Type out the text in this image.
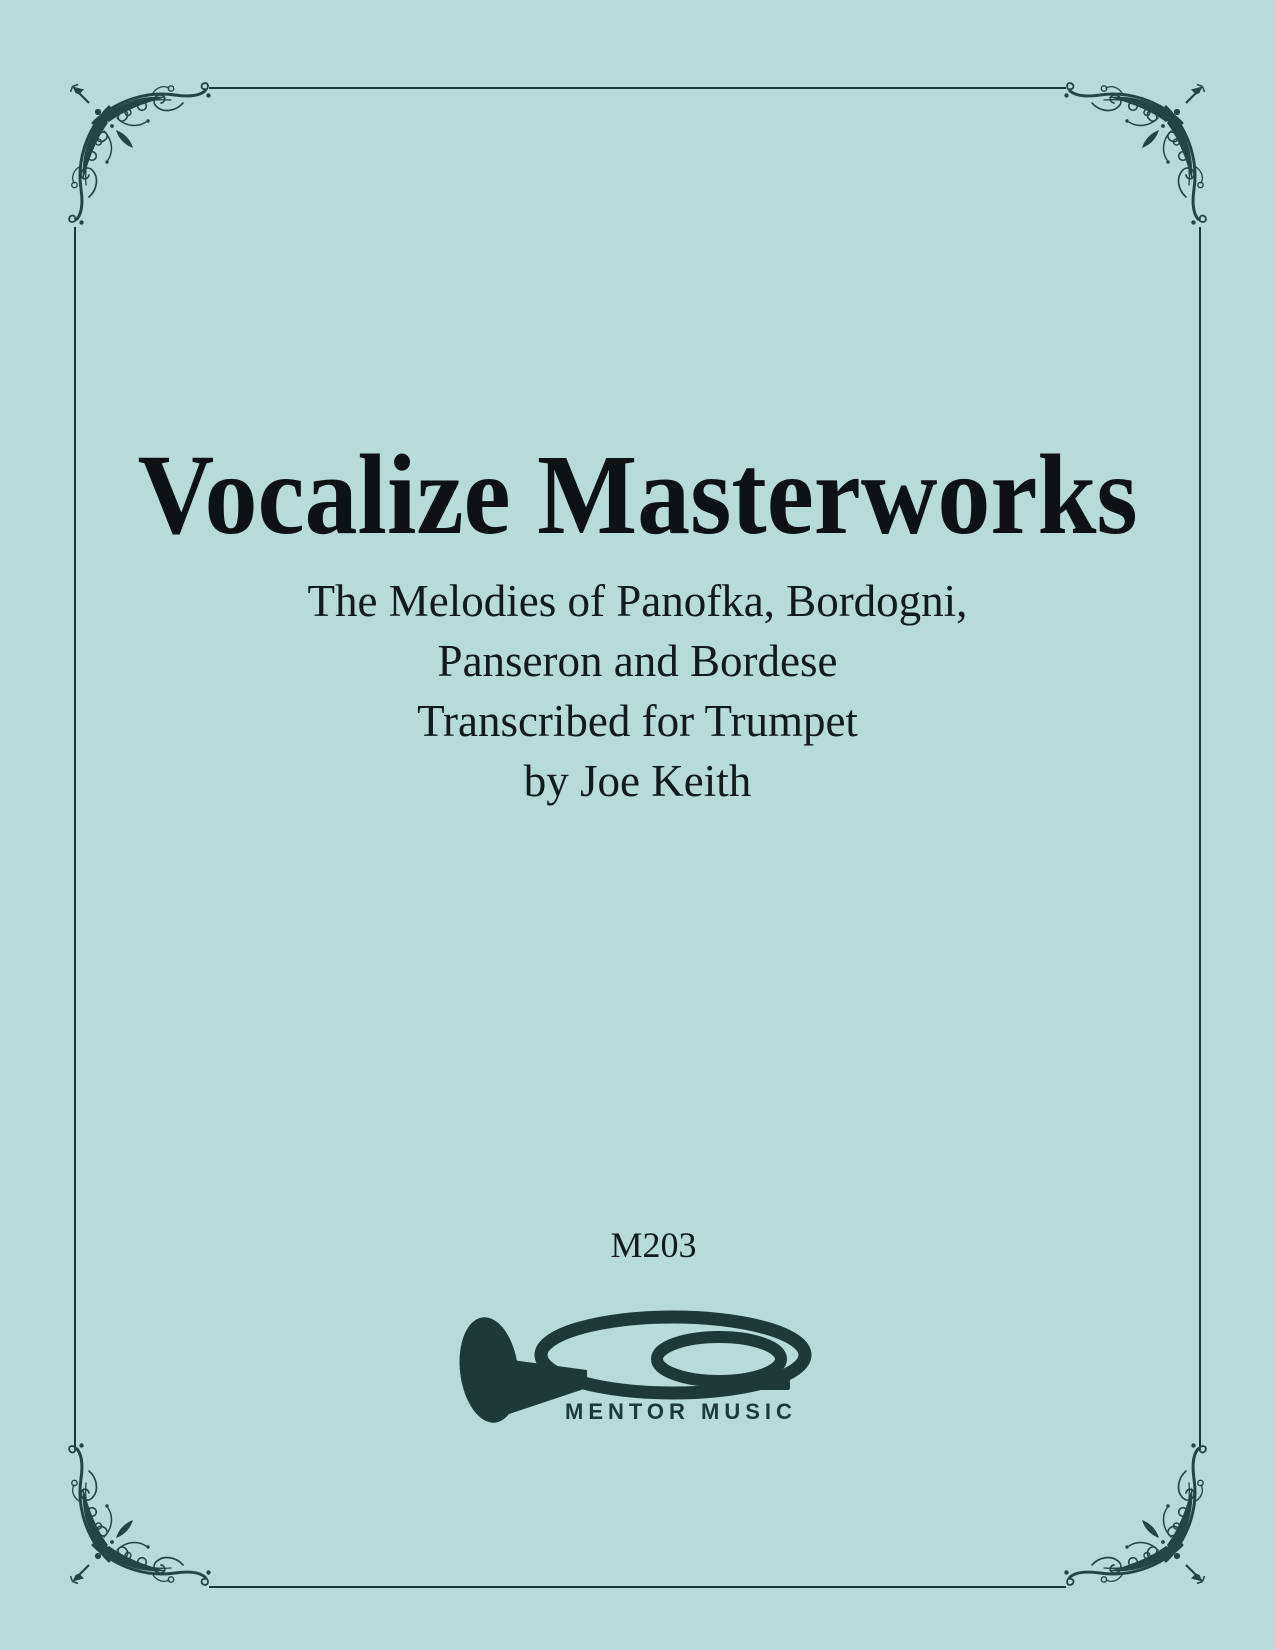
Vocalize Masterworks
The Melodies of Panofka, Bordogni,
Panseron and Bordese
Transcribed for Trumpet
by Joe Keith
M203
MENTOR MUSIC
